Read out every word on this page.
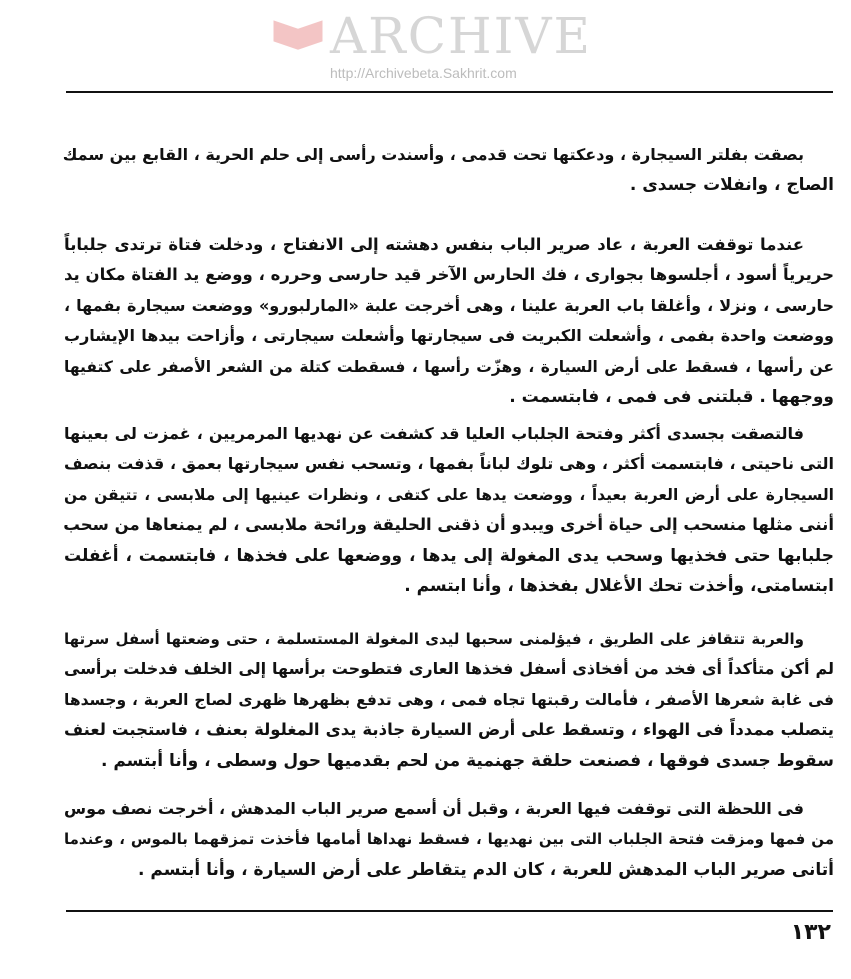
ARCHIVE
http://Archivebeta.Sakhrit.com
بصقت بفلتر السيجارة ، ودعكتها تحت قدمى ، وأسندت رأسى إلى حلم الحرية ، القابع بين سمك
الصاج ، وانفلات جسدى .
عندما توقفت العربة ، عاد صرير الباب بنفس دهشته إلى الانفتاح ، ودخلت فتاة ترتدى جلباباً
حريرياً أسود ، أجلسوها بجوارى ، فك الحارس الآخر قيد حارسى وحرره ، ووضع يد الفتاة مكان يد
حارسى ، ونزلا ، وأغلقا باب العربة علينا ، وهى أخرجت علبة «المارلبورو» ووضعت سيجارة بفمها ،
ووضعت واحدة بفمى ، وأشعلت الكبريت فى سيجارتها وأشعلت سيجارتى ، وأزاحت بيدها الإيشارب
عن رأسها ، فسقط على أرض السيارة ، وهزّت رأسها ، فسقطت كتلة من الشعر الأصفر على كتفيها
ووجهها . قبلتنى فى فمى ، فابتسمت .
فالتصقت بجسدى أكثر وفتحة الجلباب العليا قد كشفت عن نهديها المرمريين ، غمزت لى بعينها
التى ناحيتى ، فابتسمت أكثر ، وهى تلوك لباناً بفمها ، وتسحب نفس سيجارتها بعمق ، قذفت بنصف
السيجارة على أرض العربة بعيداً ، ووضعت يدها على كتفى ، ونظرات عينيها إلى ملابسى ، تتيقن من
أننى مثلها منسحب إلى حياة أخرى ويبدو أن ذقنى الحليقة ورائحة ملابسى ، لم يمنعاها من سحب
جلبابها حتى فخذيها وسحب يدى المغولة إلى يدها ، ووضعها على فخذها ، فابتسمت ، أغفلت
ابتسامتى، وأخذت تحك الأغلال بفخذها ، وأنا ابتسم .
والعربة تتقافز على الطريق ، فيؤلمنى سحبها ليدى المغولة المستسلمة ، حتى وضعتها أسفل سرتها
لم أكن متأكداً أى فخد من أفخاذى أسفل فخذها العارى فتطوحت برأسها إلى الخلف فدخلت برأسى
فى غابة شعرها الأصفر ، فأمالت رقبتها تجاه فمى ، وهى تدفع بظهرها ظهرى لصاج العربة ، وجسدها
يتصلب ممدداً فى الهواء ، وتسقط على أرض السيارة جاذبة يدى المغلولة بعنف ، فاستجبت لعنف
سقوط جسدى فوقها ، فصنعت حلقة جهنمية من لحم بقدميها حول وسطى ، وأنا أبتسم .
فى اللحظة التى توقفت فيها العربة ، وقبل أن أسمع صرير الباب المدهش ، أخرجت نصف موس
من فمها ومزقت فتحة الجلباب التى بين نهديها ، فسقط نهداها أمامها فأخذت تمزقهما بالموس ، وعندما
أتانى صرير الباب المدهش للعربة ، كان الدم يتقاطر على أرض السيارة ، وأنا أبتسم .
١٣٢
